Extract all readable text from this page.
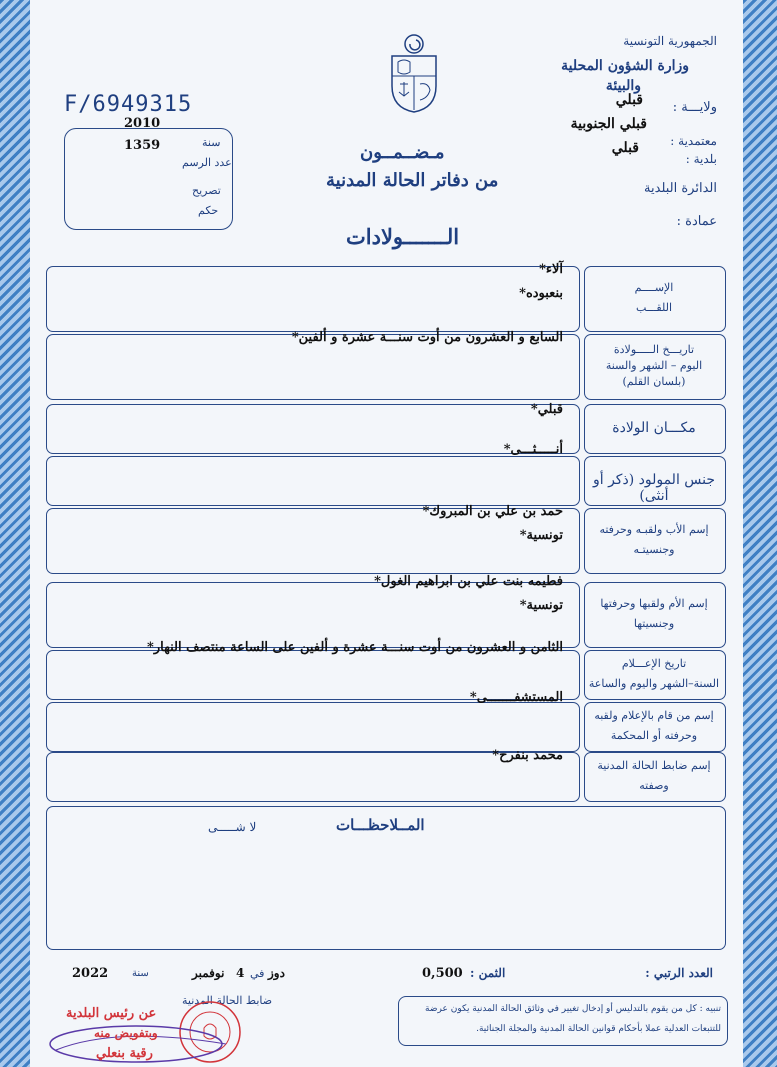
الجمهورية التونسية
وزارة الشؤون المحلية
والبيئة
ولايـــة :
قبلي
معتمدية :
قبلي الجنوبية
بلدية :
قبلي
الدائرة البلدية
عمادة :
F/6949315
2010
سنة
1359
عدد الرسم
تصريح
حكم
مـضــمــون
من دفاتر الحالة المدنية
الـــــــولادات
الإســــم
اللقـــب
آلاء*
بنعبوده*
تاريـــخ الـــــولادة
اليوم – الشهر والسنة
(بلسان القلم)
السابع و العشرون من أوت سنـــة عشرة و ألفين*
مكـــان الولادة
قبلي*
جنس المولود (ذكر أو أنثى)
أنـــــثـــى*
إسم الأب ولقبـه وحرفته
وجنسيتـه
حمد بن علي بن المبروك*
تونسية*
إسم الأم ولقبها وحرفتها
وجنسيتها
فطيمه بنت علي بن ابراهيم الغول*
تونسية*
تاريخ الإعـــلام
السنة–الشهر واليوم والساعة
الثامن و العشرون من أوت سنـــة عشرة و ألفين على الساعة منتصف النهار*
إسم من قام بالإعلام ولقبه
وحرفته أو المحكمة
المستشفـــــــى*
إسم ضابط الحالة المدنية
وصفته
محمد بنفرح*
المــلاحظـــات
لا شـــــى
العدد الرتبي :
الثمن :
0,500
دوز
في
4
نوفمبر
سنة
2022
ضابط الحالة المدنية
تنبيه : كل من يقوم بالتدليس أو إدخال تغيير في وثائق الحالة المدنية يكون عرضة
للتتبعات العدلية عملا بأحكام قوانين الحالة المدنية والمجلة الجنائية.
عن رئيس البلدية
وبتفويض منه
رقية بنعلي
